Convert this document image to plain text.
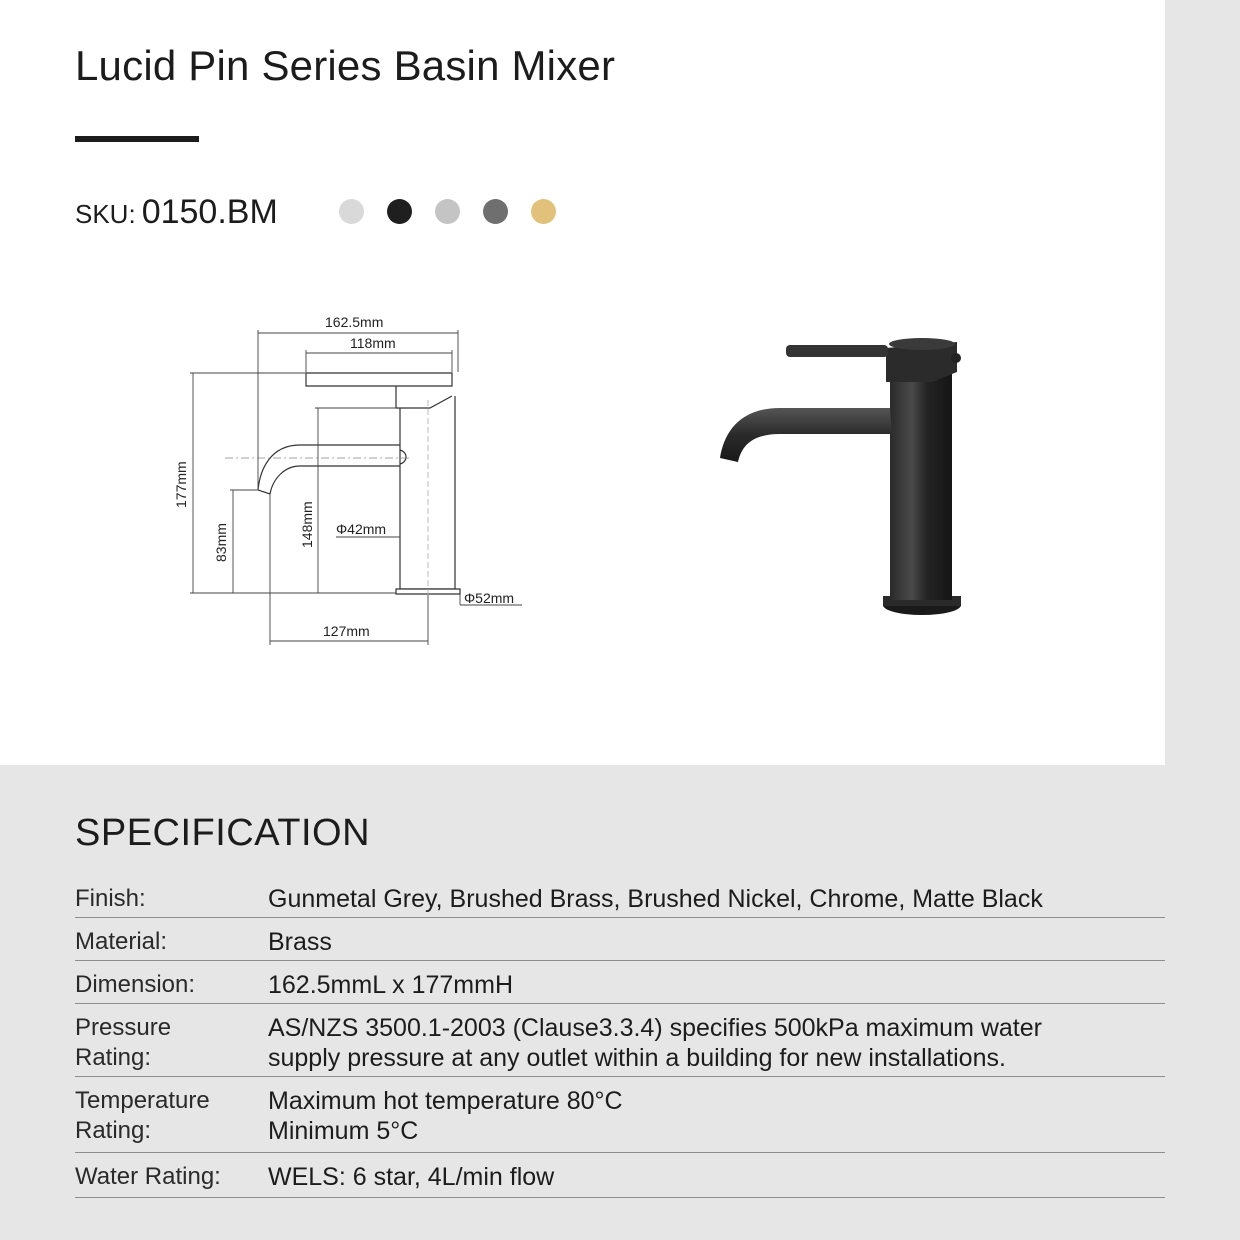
Lucid Pin Series Basin Mixer
SKU: 0150.BM
162.5mm
118mm
Φ42mm
Φ52mm
127mm
177mm
83mm	148mm
SPECIFICATION
Finish:	Gunmetal Grey, Brushed Brass, Brushed Nickel, Chrome, Matte Black
Material:	Brass
Dimension:	162.5mmL x 177mmH
Pressure
Rating:
AS/NZS 3500.1-2003 (Clause3.3.4) specifies 500kPa maximum water
supply pressure at any outlet within a building for new installations.
Temperature
Rating:
Maximum hot temperature 80°C
Minimum 5°C
Water Rating:	WELS: 6 star, 4L/min flow
